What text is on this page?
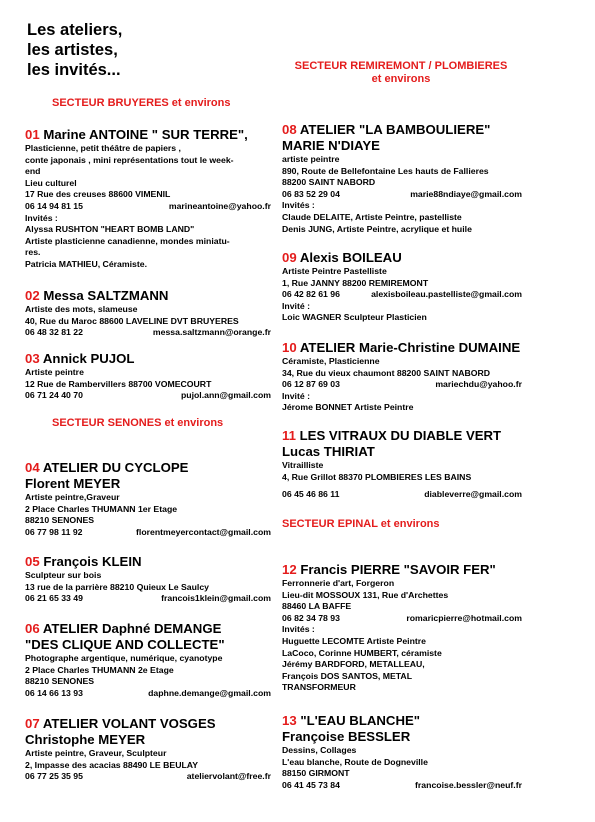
Les ateliers,
les artistes,
les invités...
SECTEUR BRUYERES et environs
SECTEUR SENONES et environs
SECTEUR REMIREMONT / PLOMBIERES
et environs
SECTEUR EPINAL et environs
01 Marine ANTOINE " SUR TERRE",
Plasticienne, petit théâtre de papiers ,
conte japonais , mini représentations tout le week-
end
Lieu culturel
17 Rue des creuses 88600 VIMENIL
06 14 94 81 15	marineantoine@yahoo.fr
Invités :
Alyssa RUSHTON "HEART BOMB LAND"
Artiste plasticienne canadienne, mondes miniatu-
res.
Patricia MATHIEU, Céramiste.
02 Messa SALTZMANN
Artiste des mots, slameuse
40, Rue du Maroc 88600 LAVELINE DVT BRUYERES
06 48 32 81 22	messa.saltzmann@orange.fr
03 Annick PUJOL
Artiste peintre
12 Rue de Rambervillers 88700 VOMECOURT
06 71 24 40 70	pujol.ann@gmail.com
04 ATELIER DU CYCLOPE
Florent MEYER
Artiste peintre,Graveur
2 Place Charles THUMANN 1er Etage
88210 SENONES
06 77 98 11 92	florentmeyercontact@gmail.com
05 François KLEIN
Sculpteur sur bois
13 rue de la parrière 88210 Quieux Le Saulcy
06 21 65 33 49	francois1klein@gmail.com
06 ATELIER Daphné DEMANGE
"DES CLIQUE AND COLLECTE"
Photographe argentique, numérique, cyanotype
2 Place Charles THUMANN 2e Etage
88210 SENONES
06 14 66 13 93	daphne.demange@gmail.com
07 ATELIER VOLANT VOSGES
Christophe MEYER
Artiste peintre, Graveur, Sculpteur
2, Impasse des acacias 88490 LE BEULAY
06 77 25 35 95	ateliervolant@free.fr
08 ATELIER "LA BAMBOULIERE"
MARIE N'DIAYE
artiste peintre
890, Route de Bellefontaine Les hauts de Fallieres
88200 SAINT NABORD
06 83 52 29 04	marie88ndiaye@gmail.com
Invités :
Claude DELAITE, Artiste Peintre, pastelliste
Denis JUNG, Artiste Peintre, acrylique et huile
09 Alexis BOILEAU
Artiste Peintre Pastelliste
1, Rue JANNY 88200 REMIREMONT
06 42 82 61 96	alexisboileau.pastelliste@gmail.com
Invité :
Loic WAGNER Sculpteur Plasticien
10 ATELIER Marie-Christine DUMAINE
Céramiste, Plasticienne
34, Rue du vieux chaumont 88200 SAINT NABORD
06 12 87 69 03	mariechdu@yahoo.fr
Invité :
Jérome BONNET Artiste Peintre
11 LES VITRAUX DU DIABLE VERT
Lucas THIRIAT
Vitrailliste
4, Rue Grillot 88370 PLOMBIERES LES BAINS
06 45 46 86 11	diableverre@gmail.com
12 Francis PIERRE "SAVOIR FER"
Ferronnerie d'art, Forgeron
Lieu-dit MOSSOUX 131, Rue d'Archettes
88460 LA BAFFE
06 82 34 78 93	romaricpierre@hotmail.com
Invités :
Huguette LECOMTE Artiste Peintre
LaCoco, Corinne HUMBERT, céramiste
Jérémy BARDFORD, METALLEAU,
François DOS SANTOS, METAL
TRANSFORMEUR
13 "L'EAU BLANCHE"
Françoise BESSLER
Dessins, Collages
L'eau blanche, Route de Dogneville
88150 GIRMONT
06 41 45 73 84	francoise.bessler@neuf.fr
